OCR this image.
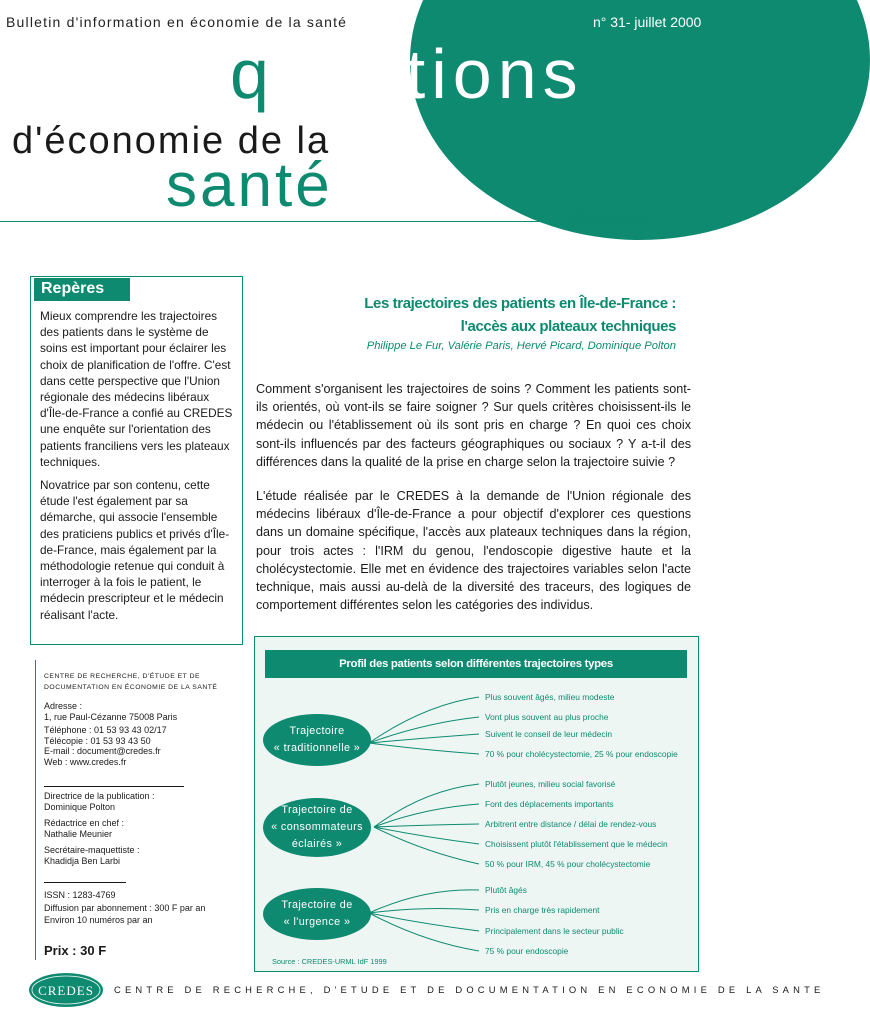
Bulletin d'information en économie de la santé	n° 31- juillet 2000
questions
d'économie de la
santé	résultats
Repères

Mieux comprendre les trajectoires des patients dans le système de soins est important pour éclairer les choix de planification de l'offre. C'est dans cette perspective que l'Union régionale des médecins libéraux d'Île-de-France a confié au CREDES une enquête sur l'orientation des patients franciliens vers les plateaux techniques.

Novatrice par son contenu, cette étude l'est également par sa démarche, qui associe l'ensemble des praticiens publics et privés d'Île-de-France, mais également par la méthodologie retenue qui conduit à interroger à la fois le patient, le médecin prescripteur et le médecin réalisant l'acte.

Les trajectoires des patients en Île-de-France :
l'accès aux plateaux techniques
Philippe Le Fur, Valérie Paris, Hervé Picard, Dominique Polton

Comment s'organisent les trajectoires de soins ? Comment les patients sont-ils orientés, où vont-ils se faire soigner ? Sur quels critères choisissent-ils le médecin ou l'établissement où ils sont pris en charge ? En quoi ces choix sont-ils influencés par des facteurs géographiques ou sociaux ? Y a-t-il des différences dans la qualité de la prise en charge selon la trajectoire suivie ?

L'étude réalisée par le CREDES à la demande de l'Union régionale des médecins libéraux d'Île-de-France a pour objectif d'explorer ces questions dans un domaine spécifique, l'accès aux plateaux techniques dans la région, pour trois actes : l'IRM du genou, l'endoscopie digestive haute et la cholécystectomie. Elle met en évidence des trajectoires variables selon l'acte technique, mais aussi au-delà de la diversité des traceurs, des logiques de comportement différentes selon les catégories des individus.

CENTRE DE RECHERCHE, D'ÉTUDE ET DE DOCUMENTATION EN ÉCONOMIE DE LA SANTÉ
Adresse :
1, rue Paul-Cézanne 75008 Paris
Téléphone : 01 53 93 43 02/17
Télécopie : 01 53 93 43 50
E-mail : document@credes.fr
Web : www.credes.fr
Directrice de la publication :
Dominique Polton
Rédactrice en chef :
Nathalie Meunier
Secrétaire-maquettiste :
Khadidja Ben Larbi
ISSN : 1283-4769
Diffusion par abonnement : 300 F par an
Environ 10 numéros par an
Prix : 30 F
Profil des patients selon différentes trajectoires types
Trajectoire
« traditionnelle »
Trajectoire de
« consommateurs
éclairés »
Trajectoire de
« l'urgence »
Plus souvent âgés, milieu modeste
Vont plus souvent au plus proche
Suivent le conseil de leur médecin
70 % pour cholécystectomie, 25 % pour endoscopie
Plutôt jeunes, milieu social favorisé
Font des déplacements importants
Arbitrent entre distance / délai de rendez-vous
Choisissent plutôt l'établissement que le médecin
50 % pour IRM, 45 % pour cholécystectomie
Plutôt âgés
Pris en charge très rapidement
Principalement dans le secteur public
75 % pour endoscopie
Source : CREDES-URML IdF 1999
CREDES CENTRE DE RECHERCHE, D'ETUDE ET DE DOCUMENTATION EN ECONOMIE DE LA SANTE
